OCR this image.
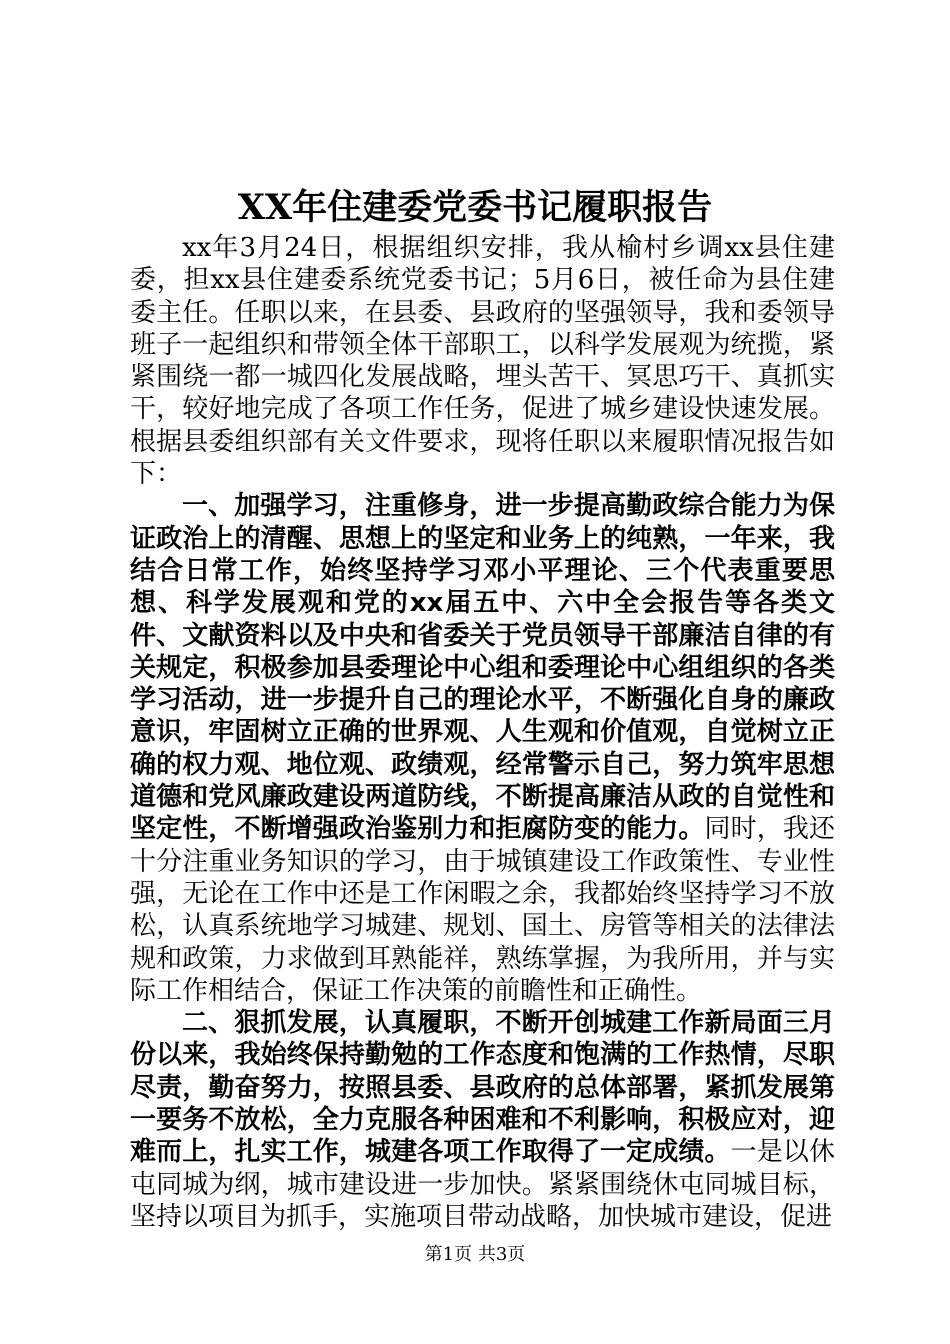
XX年住建委党委书记履职报告

xx年3月24日，根据组织安排，我从榆村乡调xx县住建委，担xx县住建委系统党委书记；5月6日，被任命为县住建委主任。任职以来，在县委、县政府的坚强领导，我和委领导班子一起组织和带领全体干部职工，以科学发展观为统揽，紧紧围绕一都一城四化发展战略，埋头苦干、冥思巧干、真抓实干，较好地完成了各项工作任务，促进了城乡建设快速发展。根据县委组织部有关文件要求，现将任职以来履职情况报告如下：

一、加强学习，注重修身，进一步提高勤政综合能力为保证政治上的清醒、思想上的坚定和业务上的纯熟，一年来，我结合日常工作，始终坚持学习邓小平理论、三个代表重要思想、科学发展观和党的xx届五中、六中全会报告等各类文件、文献资料以及中央和省委关于党员领导干部廉洁自律的有关规定，积极参加县委理论中心组和委理论中心组组织的各类学习活动，进一步提升自己的理论水平，不断强化自身的廉政意识，牢固树立正确的世界观、人生观和价值观，自觉树立正确的权力观、地位观、政绩观，经常警示自己，努力筑牢思想道德和党风廉政建设两道防线，不断提高廉洁从政的自觉性和坚定性，不断增强政治鉴别力和拒腐防变的能力。同时，我还十分注重业务知识的学习，由于城镇建设工作政策性、专业性强，无论在工作中还是工作闲暇之余，我都始终坚持学习不放松，认真系统地学习城建、规划、国土、房管等相关的法律法规和政策，力求做到耳熟能祥，熟练掌握，为我所用，并与实际工作相结合，保证工作决策的前瞻性和正确性。

二、狠抓发展，认真履职，不断开创城建工作新局面三月份以来，我始终保持勤勉的工作态度和饱满的工作热情，尽职尽责，勤奋努力，按照县委、县政府的总体部署，紧抓发展第一要务不放松，全力克服各种困难和不利影响，积极应对，迎难而上，扎实工作，城建各项工作取得了一定成绩。一是以休屯同城为纲，城市建设进一步加快。紧紧围绕休屯同城目标，坚持以项目为抓手，实施项目带动战略，加快城市建设，促进

第1页 共3页
